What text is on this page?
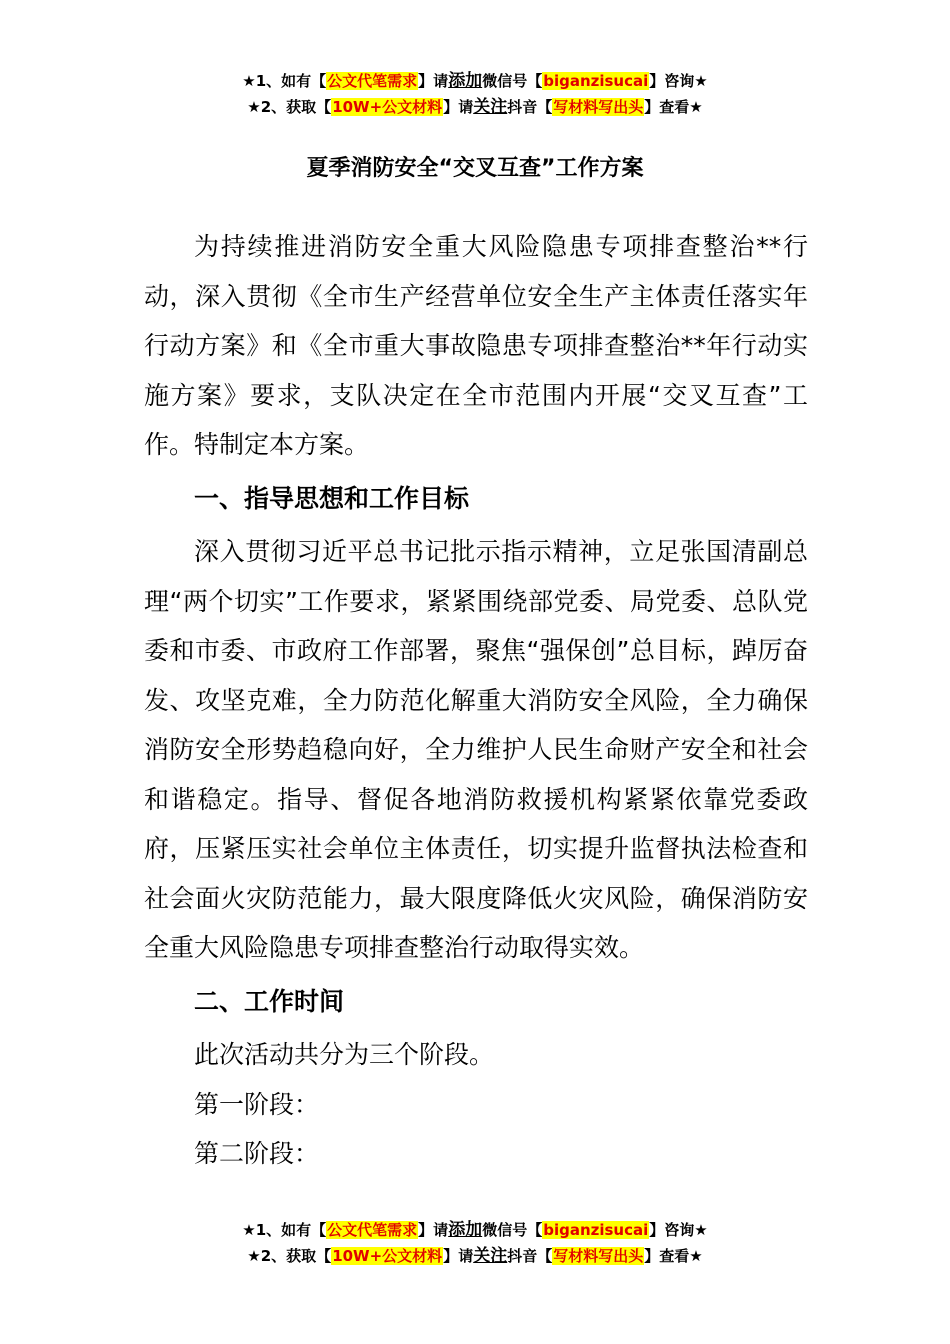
★1、如有【公文代笔需求】请添加微信号【biganzisucai】咨询★
★2、获取【10W+公文材料】请关注抖音【写材料写出头】查看★
夏季消防安全“交叉互查”工作方案

为持续推进消防安全重大风险隐患专项排查整治**行动，深入贯彻《全市生产经营单位安全生产主体责任落实年行动方案》和《全市重大事故隐患专项排查整治**年行动实施方案》要求，支队决定在全市范围内开展“交叉互查”工作。特制定本方案。

一、指导思想和工作目标

深入贯彻习近平总书记批示指示精神，立足张国清副总理“两个切实”工作要求，紧紧围绕部党委、局党委、总队党委和市委、市政府工作部署，聚焦“强保创”总目标，踔厉奋发、攻坚克难，全力防范化解重大消防安全风险，全力确保消防安全形势趋稳向好，全力维护人民生命财产安全和社会和谐稳定。指导、督促各地消防救援机构紧紧依靠党委政府，压紧压实社会单位主体责任，切实提升监督执法检查和社会面火灾防范能力，最大限度降低火灾风险，确保消防安全重大风险隐患专项排查整治行动取得实效。

二、工作时间

此次活动共分为三个阶段。

第一阶段：

第二阶段：

★1、如有【公文代笔需求】请添加微信号【biganzisucai】咨询★
★2、获取【10W+公文材料】请关注抖音【写材料写出头】查看★
